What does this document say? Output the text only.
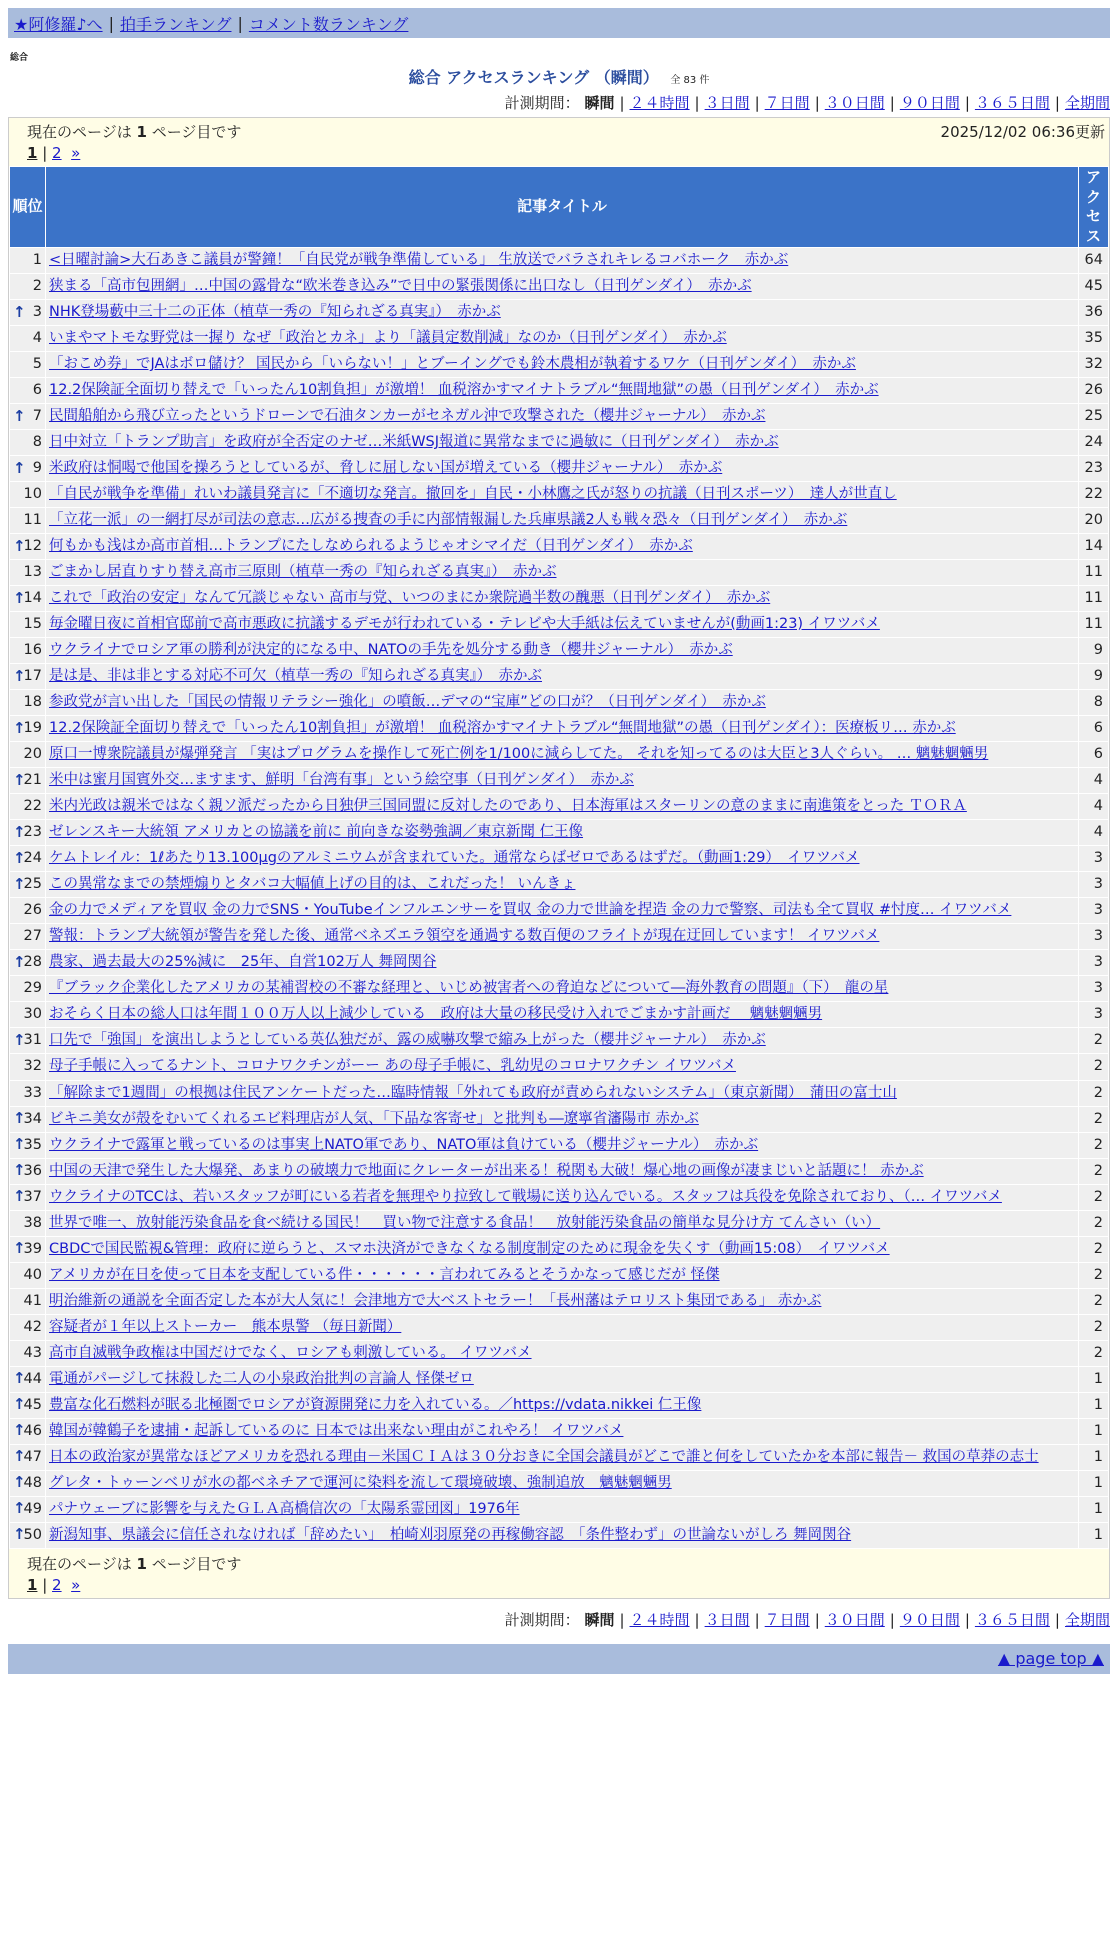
★阿修羅♪へ | 拍手ランキング | コメント数ランキング
総合
総合 アクセスランキング （瞬間） 全 83 件
計測期間： 瞬間 | ２４時間 | ３日間 | ７日間 | ３０日間 | ９０日間 | ３６５日間 | 全期間
現在のページは 1 ページ目です	2025/12/02 06:36更新
1 | 2 »
順位	記事タイトル	アクセス
1	<日曜討論>大石あきこ議員が警鐘！「自民党が戦争準備している」 生放送でバラされキレるコバホーク　赤かぶ	64
2	狭まる「高市包囲網」…中国の露骨な“欧米巻き込み”で日中の緊張関係に出口なし（日刊ゲンダイ）　赤かぶ	45

↑ 3	NHK登場藪中三十二の正体（植草一秀の『知られざる真実』）　赤かぶ	36
4	いまやマトモな野党は一握り なぜ「政治とカネ」より「議員定数削減」なのか（日刊ゲンダイ）　赤かぶ	35
5	「おこめ券」でJAはボロ儲け？ 国民から「いらない！」とブーイングでも鈴木農相が執着するワケ（日刊ゲンダイ）　赤かぶ	32
6	12.2保険証全面切り替えで「いったん10割負担」が激増！ 血税溶かすマイナトラブル“無間地獄”の愚（日刊ゲンダイ）　赤かぶ	26

↑ 7	民間船舶から飛び立ったというドローンで石油タンカーがセネガル沖で攻撃された（櫻井ジャーナル）　赤かぶ	25
8	日中対立「トランプ助言」を政府が全否定のナゼ…米紙WSJ報道に異常なまでに過敏に（日刊ゲンダイ）　赤かぶ	24

↑ 9	米政府は恫喝で他国を操ろうとしているが、脅しに屈しない国が増えている（櫻井ジャーナル）　赤かぶ	23
10	「自民が戦争を準備」れいわ議員発言に「不適切な発言。撤回を」自民・小林鷹之氏が怒りの抗議（日刊スポーツ）　達人が世直し	22
11	「立花一派」の一網打尽が司法の意志…広がる捜査の手に内部情報漏した兵庫県議2人も戦々恐々（日刊ゲンダイ）　赤かぶ	20

↑
12	何もかも浅はか高市首相…トランプにたしなめられるようじゃオシマイだ（日刊ゲンダイ）　赤かぶ	14
13	ごまかし居直りすり替え高市三原則（植草一秀の『知られざる真実』）　赤かぶ	11

↑
14	これで「政治の安定」なんて冗談じゃない 高市与党、いつのまにか衆院過半数の醜悪（日刊ゲンダイ）　赤かぶ	11
15	毎金曜日夜に首相官邸前で高市悪政に抗議するデモが行われている・テレビや大手紙は伝えていませんが(動画1:23) イワツバメ	11
16	ウクライナでロシア軍の勝利が決定的になる中、NATOの手先を処分する動き（櫻井ジャーナル）　赤かぶ	9

↑
17	是は是、非は非とする対応不可欠（植草一秀の『知られざる真実』）　赤かぶ	9
18	参政党が言い出した「国民の情報リテラシー強化」の噴飯…デマの“宝庫”どの口が？（日刊ゲンダイ）　赤かぶ	8

↑
19	12.2保険証全面切り替えで「いったん10割負担」が激増！ 血税溶かすマイナトラブル“無間地獄”の愚（日刊ゲンダイ）：医療板リ… 赤かぶ	6
20	原口一博衆院議員が爆弾発言 「実はプログラムを操作して死亡例を1/100に減らしてた。 それを知ってるのは大臣と3人ぐらい。 … 魑魅魍魎男	6

↑
21	米中は蜜月国賓外交…ますます、鮮明「台湾有事」という絵空事（日刊ゲンダイ）　赤かぶ	4
22	米内光政は親米ではなく親ソ派だったから日独伊三国同盟に反対したのであり、日本海軍はスターリンの意のままに南進策をとった ＴＯＲＡ	4

↑
23	ゼレンスキー大統領 アメリカとの協議を前に 前向きな姿勢強調／東京新聞 仁王像	4

↑
24	ケムトレイル：1ℓあたり13.100μgのアルミニウムが含まれていた。通常ならばゼロであるはずだ。（動画1:29）　イワツバメ	3

↑
25	この異常なまでの禁煙煽りとタバコ大幅値上げの目的は、これだった！ いんきょ	3
26	金の力でメディアを買収 金の力でSNS・YouTubeインフルエンサーを買収 金の力で世論を捏造 金の力で警察、司法も全て買収 #忖度… イワツバメ	3
27	警報：トランプ大統領が警告を発した後、通常ベネズエラ領空を通過する数百便のフライトが現在迂回しています！ イワツバメ	3

↑
28	農家、過去最大の25%減に　25年、自営102万人 舞岡関谷	3
29	『ブラック企業化したアメリカの某補習校の不審な経理と、いじめ被害者への脅迫などについて―海外教育の問題』（下）　龍の星	3
30	おそらく日本の総人口は年間１００万人以上減少している　政府は大量の移民受け入れでごまかす計画だ　 魑魅魍魎男	3

↑
31	口先で「強国」を演出しようとしている英仏独だが、露の威嚇攻撃で縮み上がった（櫻井ジャーナル）　赤かぶ	2
32	母子手帳に入ってるナント、コロナワクチンがーー あの母子手帳に、乳幼児のコロナワクチン イワツバメ	2
33	「解除まで1週間」の根拠は住民アンケートだった…臨時情報「外れても政府が責められないシステム」（東京新聞）　蒲田の富士山	2

↑
34	ビキニ美女が殻をむいてくれるエビ料理店が人気、「下品な客寄せ」と批判も―遼寧省瀋陽市 赤かぶ	2

↑
35	ウクライナで露軍と戦っているのは事実上NATO軍であり、NATO軍は負けている（櫻井ジャーナル）　赤かぶ	2

↑
36	中国の天津で発生した大爆発、あまりの破壊力で地面にクレーターが出来る！税関も大破！爆心地の画像が凄まじいと話題に！ 赤かぶ	2

↑
37	ウクライナのTCCは、若いスタッフが町にいる若者を無理やり拉致して戦場に送り込んでいる。スタッフは兵役を免除されており、（… イワツバメ	2
38	世界で唯一、放射能汚染食品を食べ続ける国民！　買い物で注意する食品！　放射能汚染食品の簡単な見分け方 てんさい（い）	2

↑
39	CBDCで国民監視&管理：政府に逆らうと、スマホ決済ができなくなる制度制定のために現金を失くす（動画15:08）　イワツバメ	2
40	アメリカが在日を使って日本を支配している件・・・・・・言われてみるとそうかなって感じだが 怪傑	2
41	明治維新の通説を全面否定した本が大人気に！会津地方で大ベストセラー！「長州藩はテロリスト集団である」 赤かぶ	2
42	容疑者が１年以上ストーカー　熊本県警 （毎日新聞）	2
43	高市自滅戦争政権は中国だけでなく、ロシアも刺激している。 イワツバメ	2

↑
44	電通がパージして抹殺した二人の小泉政治批判の言論人 怪傑ゼロ	1

↑
45	豊富な化石燃料が眠る北極圏でロシアが資源開発に力を入れている。／https://vdata.nikkei 仁王像	1

↑
46	韓国が韓鶴子を逮捕・起訴しているのに 日本では出来ない理由がこれやろ！ イワツバメ	1

↑
47	日本の政治家が異常なほどアメリカを恐れる理由－米国ＣＩＡは３０分おきに全国会議員がどこで誰と何をしていたかを本部に報告－ 救国の草莽の志士	1

↑
48	グレタ・トゥーンベリが水の都ベネチアで運河に染料を流して環境破壊、強制追放　魑魅魍魎男	1

↑
49	パナウェーブに影響を与えたＧＬＡ高橋信次の「太陽系霊団図」1976年	1

↑
50	新潟知事、県議会に信任されなければ「辞めたい」　柏崎刈羽原発の再稼働容認　「条件整わず」の世論ないがしろ 舞岡関谷	1
現在のページは 1 ページ目です
1 | 2 »
計測期間： 瞬間 | ２４時間 | ３日間 | ７日間 | ３０日間 | ９０日間 | ３６５日間 | 全期間
▲ page top ▲
